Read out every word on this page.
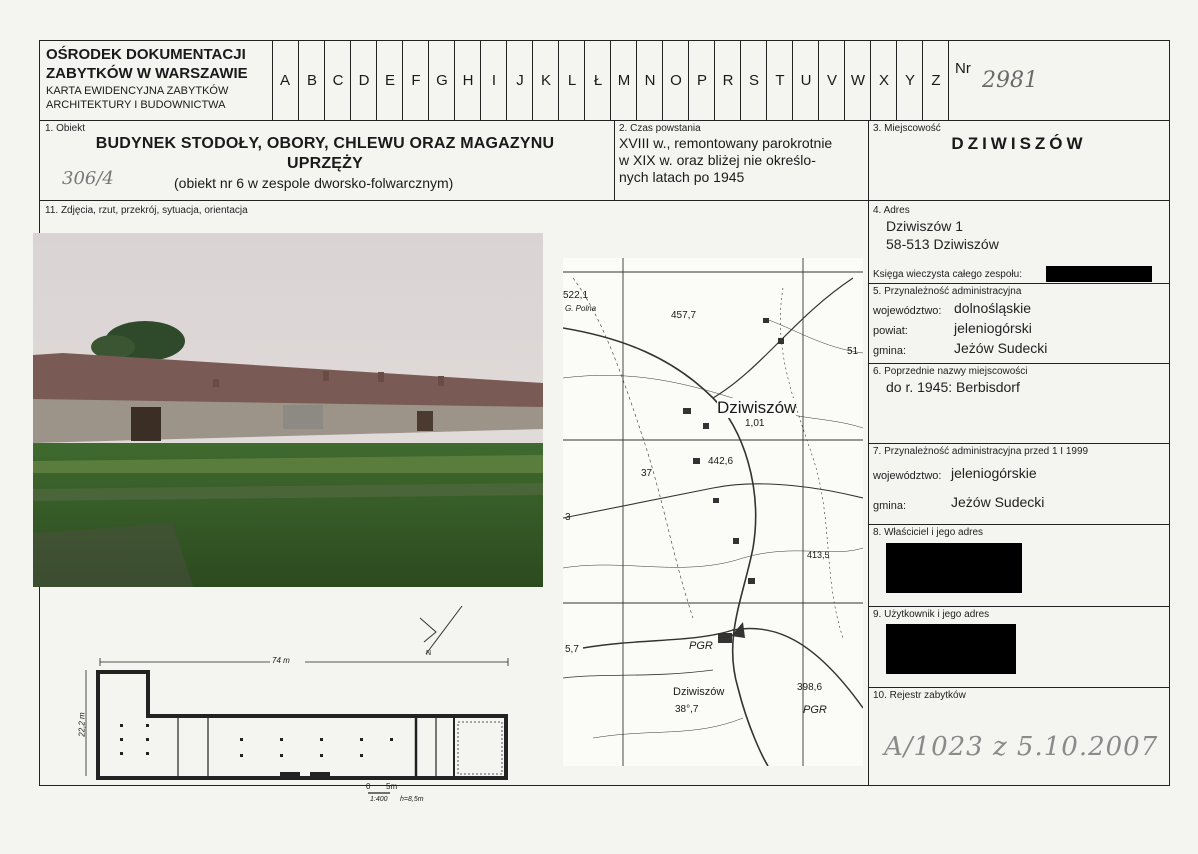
OŚRODEK DOKUMENTACJI
ZABYTKÓW W WARSZAWIE
KARTA EWIDENCYJNA ZABYTKÓW
ARCHITEKTURY I BUDOWNICTWA
A	B	C	D	E	F	G H	I	J	K	L	Ł	M N O	P	R	S	T	U	V W X	Y	Z
Nr 2981
1. Obiekt
BUDYNEK STODOŁY, OBORY, CHLEWU ORAZ MAGAZYNU
UPRZĘŻY
306/4	(obiekt nr 6 w zespole dworsko-folwarcznym)
2. Czas powstania
XVIII w., remontowany parokrotnie
w XIX w. oraz bliżej nie określo-
nych latach po 1945
3. Miejscowość
DZIWISZÓW
11. Zdjęcia, rzut, przekrój, sytuacja, orientacja
Dziwiszów
Dziwiszów
PGR
PGR
522,1
G. Polna
457,7
51
1,01
442,6
37
3
413,5
5,7
398,6
38°,7
N
74 m
22,2 m
0 5m
1:400 h=8,5m
4. Adres
Dziwiszów 1
58-513 Dziwiszów
Księga wieczysta całego zespołu:
5. Przynależność administracyjna
województwo: dolnośląskie
powiat:	jeleniogórski
gmina:	Jeżów Sudecki
6. Poprzednie nazwy miejscowości
do r. 1945: Berbisdorf
7. Przynależność administracyjna przed 1 I 1999
województwo: jeleniogórskie
gmina:	Jeżów Sudecki
8. Właściciel i jego adres
9. Użytkownik i jego adres
10. Rejestr zabytków
A/1023 z 5.10.2007
